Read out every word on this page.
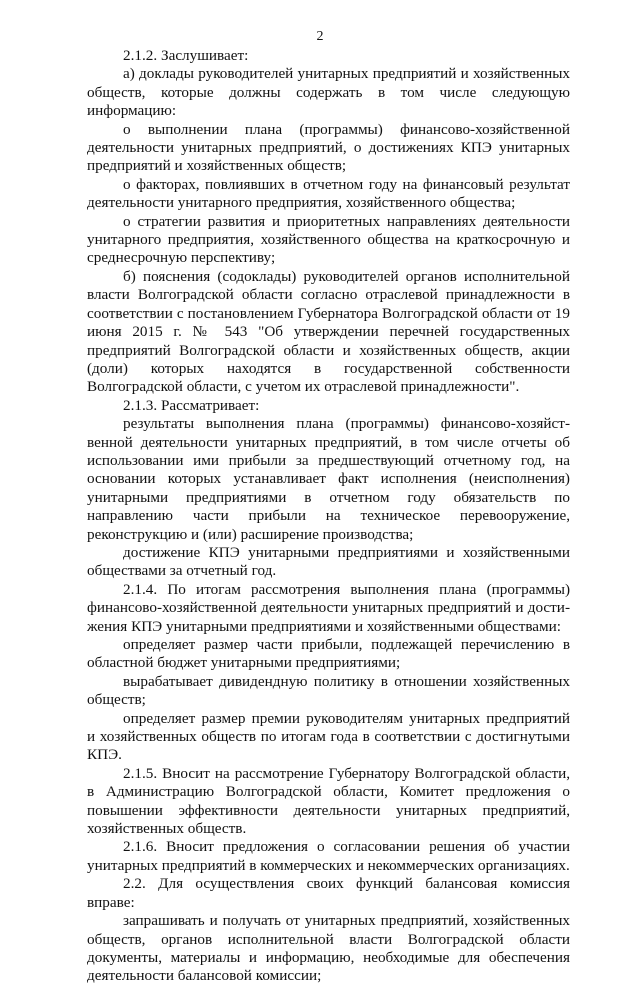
2

2.1.2. Заслушивает:

а) доклады руководителей унитарных предприятий и хозяйственных обществ, которые должны содержать в том числе следующую информацию:

о выполнении плана (программы) финансово-хозяйственной деятельности унитарных предприятий, о достижениях КПЭ унитарных предприятий и хозяйственных обществ;

о факторах, повлиявших в отчетном году на финансовый результат деятельности унитарного предприятия, хозяйственного общества;

о стратегии развития и приоритетных направлениях деятельности унитарного предприятия, хозяйственного общества на краткосрочную и среднесрочную перспективу;

б) пояснения (содоклады) руководителей органов исполнительной власти Волгоградской области согласно отраслевой принадлежности в соответствии с постановлением Губернатора Волгоградской области от 19 июня 2015 г. № 543 "Об утверждении перечней государственных предприятий Волгоградской области и хозяйственных обществ, акции (доли) которых находятся в государственной собственности Волгоградской области, с учетом их отраслевой принадлежности".

2.1.3. Рассматривает:

результаты выполнения плана (программы) финансово-хозяйственной деятельности унитарных предприятий, в том числе отчеты об использовании ими прибыли за предшествующий отчетному год, на основании которых устанавливает факт исполнения (неисполнения) унитарными предприятиями в отчетном году обязательств по направлению части прибыли на техническое перевооружение, реконструкцию и (или) расширение производства;

достижение КПЭ унитарными предприятиями и хозяйственными обществами за отчетный год.

2.1.4. По итогам рассмотрения выполнения плана (программы) финансово-хозяйственной деятельности унитарных предприятий и достижения КПЭ унитарными предприятиями и хозяйственными обществами:

определяет размер части прибыли, подлежащей перечислению в областной бюджет унитарными предприятиями;

вырабатывает дивидендную политику в отношении хозяйственных обществ;

определяет размер премии руководителям унитарных предприятий и хозяйственных обществ по итогам года в соответствии с достигнутыми КПЭ.

2.1.5. Вносит на рассмотрение Губернатору Волгоградской области, в Администрацию Волгоградской области, Комитет предложения о повышении эффективности деятельности унитарных предприятий, хозяйственных обществ.

2.1.6. Вносит предложения о согласовании решения об участии унитарных предприятий в коммерческих и некоммерческих организациях.

2.2. Для осуществления своих функций балансовая комиссия вправе:

запрашивать и получать от унитарных предприятий, хозяйственных обществ, органов исполнительной власти Волгоградской области документы, материалы и информацию, необходимые для обеспечения деятельности балансовой комиссии;
